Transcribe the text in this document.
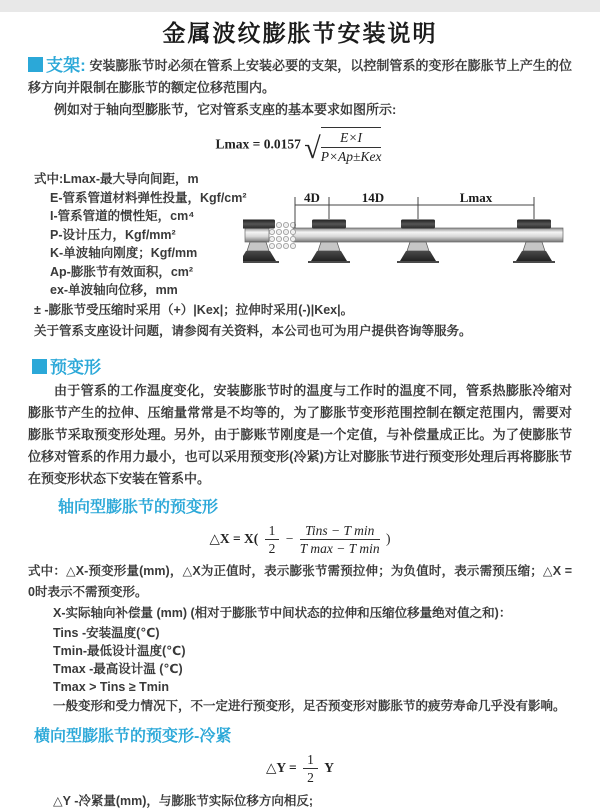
金属波纹膨胀节安装说明

支架: 安装膨胀节时必须在管系上安装必要的支架，以控制管系的变形在膨胀节上产生的位移方向并限制在膨胀节的额定位移范围内。

例如对于轴向型膨胀节，它对管系支座的基本要求如图所示:

Lmax = 0.0157 √ $\frac{E\times I}{\text{P×Ap±Kex}}$
式中:Lmax-最大导向间距，m
E-管系管道材料弹性投量，Kgf/cm²
I-管系管道的惯性矩，cm⁴
P-设计压力，Kgf/mm²
K-单波轴向刚度；Kgf/mm
Ap-膨胀节有效面积，cm²
ex-单波轴向位移，mm
± -膨胀节受压缩时采用（+）|Kex|；拉伸时采用(-)|Kex|。
关于管系支座设计问题，请参阅有关资料，本公司也可为用户提供咨询等服务。
预变形

由于管系的工作温度变化，安装膨胀节时的温度与工作时的温度不同，管系热膨胀冷缩对膨胀节产生的拉伸、压缩量常常是不均等的，为了膨胀节变形范围控制在额定范围内，需要对膨胀节采取预变形处理。另外，由于膨账节刚度是一个定值，与补偿量成正比。为了使膨胀节位移对管系的作用力最小，也可以采用预变形(冷紧)方让对膨胀节进行预变形处理后再将膨胀节在预变形状态下安装在管系中。

轴向型膨胀节的预变形
△X = $X( \frac{1}{2} - \frac{\text{Tins − T min}}{\text{T max − T min}}$ )
式中：△X-预变形量(mm)，△X为正值时，表示膨张节需预拉伸；为负值时，表示需预压缩；△X = 0时表示不需预变形。
X-实际轴向补偿量 (mm) (相对于膨胀节中间状态的拉伸和压缩位移量绝对值之和)：
Tins -安装温度(℃)
Tmin-最低设计温度(℃)
Tmax -最高设计温 (℃)
Tmax > Tins ≥ Tmin
一般变形和受力情况下，不一定进行预变形，足否预变形对膨胀节的疲劳寿命几乎没有影响。
横向型膨胀节的预变形-冷紧
△Y = $\frac{1}{2}$ Y
△Y -冷紧量(mm)，与膨胀节实际位移方向相反;
4D	14D	Lmax
